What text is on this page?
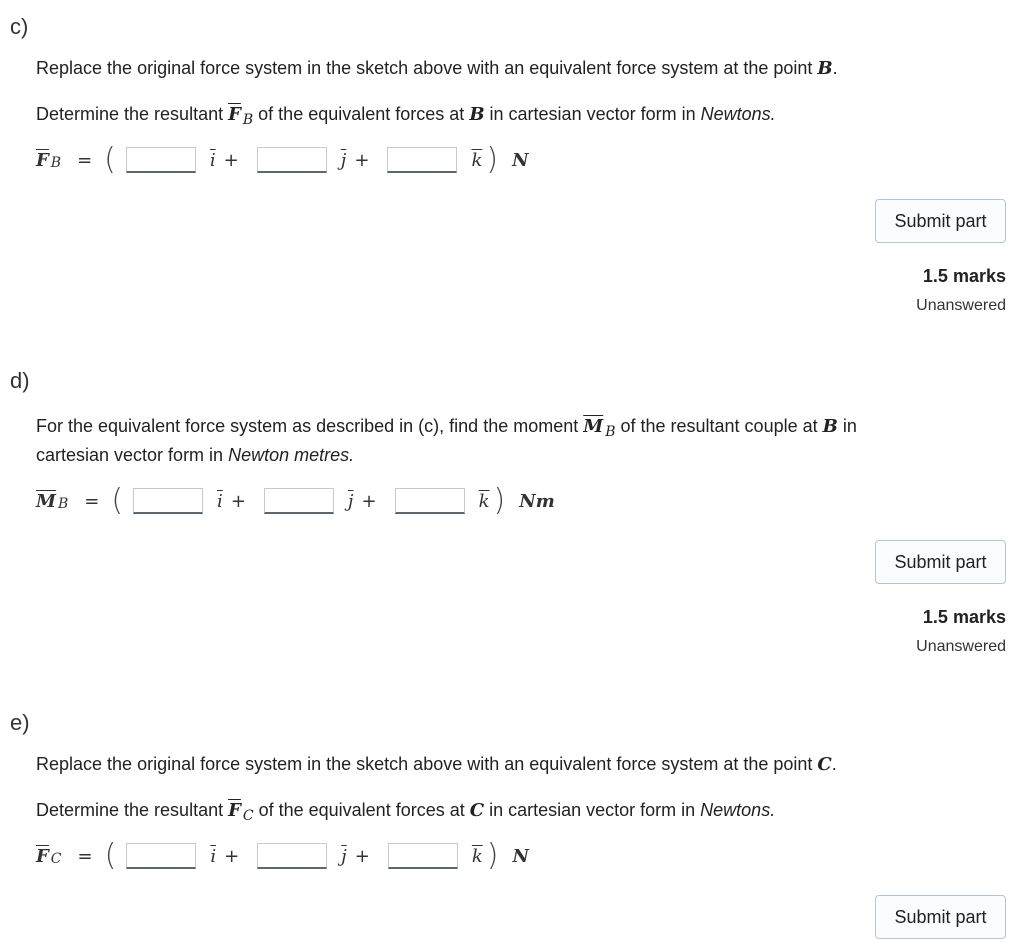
c)
Replace the original force system in the sketch above with an equivalent force system at the point B.
Determine the resultant $\overline{F}$ $_B$ of the equivalent forces at B in cartesian vector form in Newtons.
$\overline{F}$ B = (	$\overline{i}$ +	$\overline{j}$ +	$\overline{k}$ ) N
Submit part
1.5 marks
Unanswered
d)
For the equivalent force system as described in (c), find the moment $\overline{M}$ $_B$ of the resultant couple at B in
cartesian vector form in Newton metres.
$\overline{M}$ B = (	$\overline{i}$ +	$\overline{j}$ +	$\overline{k}$ ) Nm
Submit part
1.5 marks
Unanswered
e)
Replace the original force system in the sketch above with an equivalent force system at the point C.
Determine the resultant $\overline{F}$ $_C$ of the equivalent forces at C in cartesian vector form in Newtons.
$\overline{F}$ C = (	$\overline{i}$ +	$\overline{j}$ +	$\overline{k}$ ) N
Submit part
